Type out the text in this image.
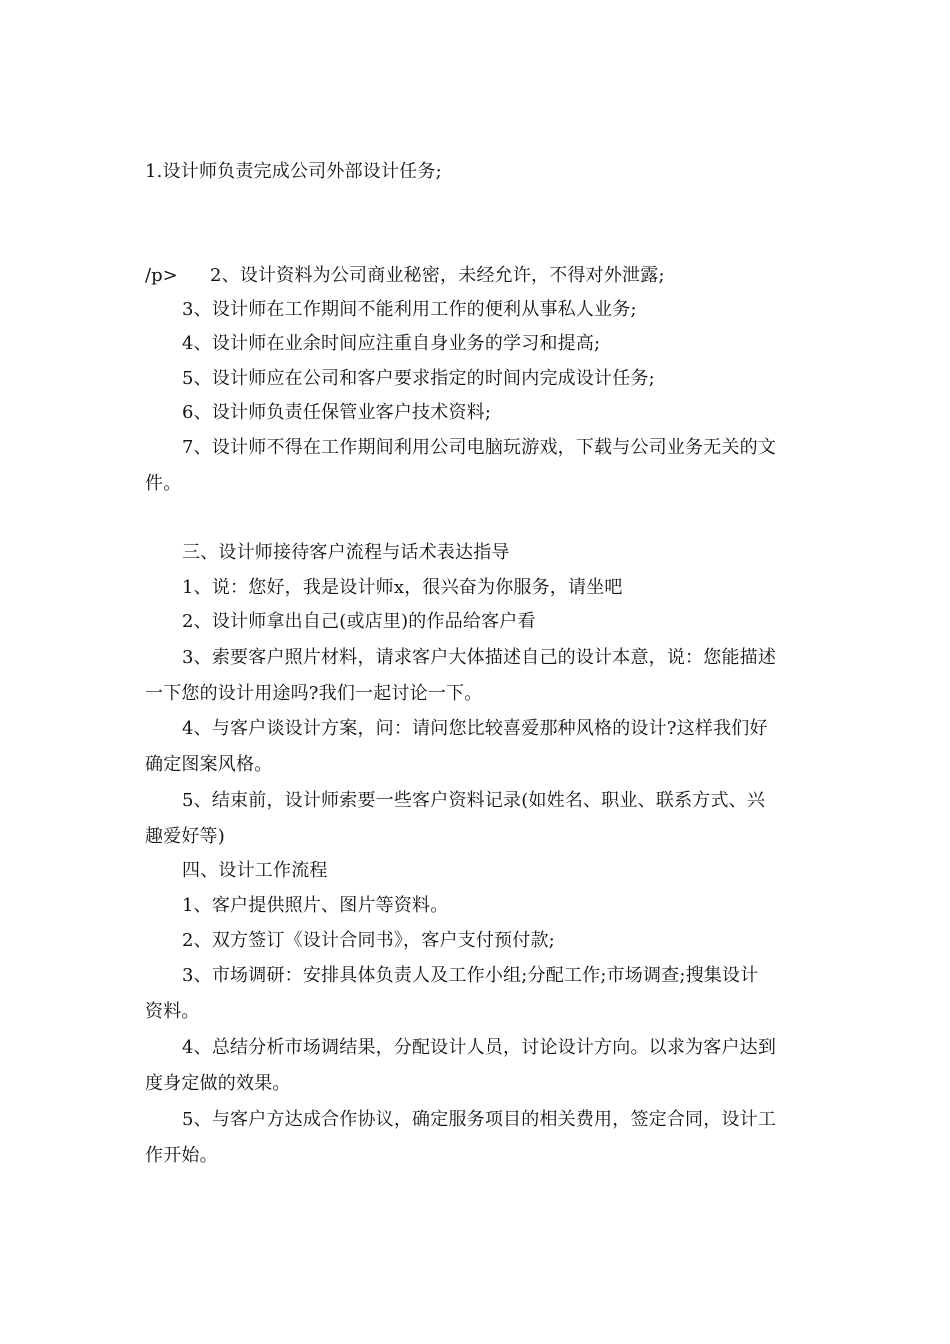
1.设计师负责完成公司外部设计任务;
/p> 2、设计资料为公司商业秘密，未经允许，不得对外泄露;
3、设计师在工作期间不能利用工作的便利从事私人业务;
4、设计师在业余时间应注重自身业务的学习和提高;
5、设计师应在公司和客户要求指定的时间内完成设计任务;
6、设计师负责任保管业客户技术资料;
7、设计师不得在工作期间利用公司电脑玩游戏，下载与公司业务无关的文
件。
三、设计师接待客户流程与话术表达指导
1、说：您好，我是设计师x，很兴奋为你服务，请坐吧
2、设计师拿出自己(或店里)的作品给客户看
3、索要客户照片材料，请求客户大体描述自己的设计本意，说：您能描述
一下您的设计用途吗?我们一起讨论一下。
4、与客户谈设计方案，问：请问您比较喜爱那种风格的设计?这样我们好
确定图案风格。
5、结束前，设计师索要一些客户资料记录(如姓名、职业、联系方式、兴
趣爱好等)
四、设计工作流程
1、客户提供照片、图片等资料。
2、双方签订《设计合同书》，客户支付预付款;
3、市场调研：安排具体负责人及工作小组;分配工作;市场调查;搜集设计
资料。
4、总结分析市场调结果，分配设计人员，讨论设计方向。以求为客户达到
度身定做的效果。
5、与客户方达成合作协议，确定服务项目的相关费用，签定合同，设计工
作开始。
